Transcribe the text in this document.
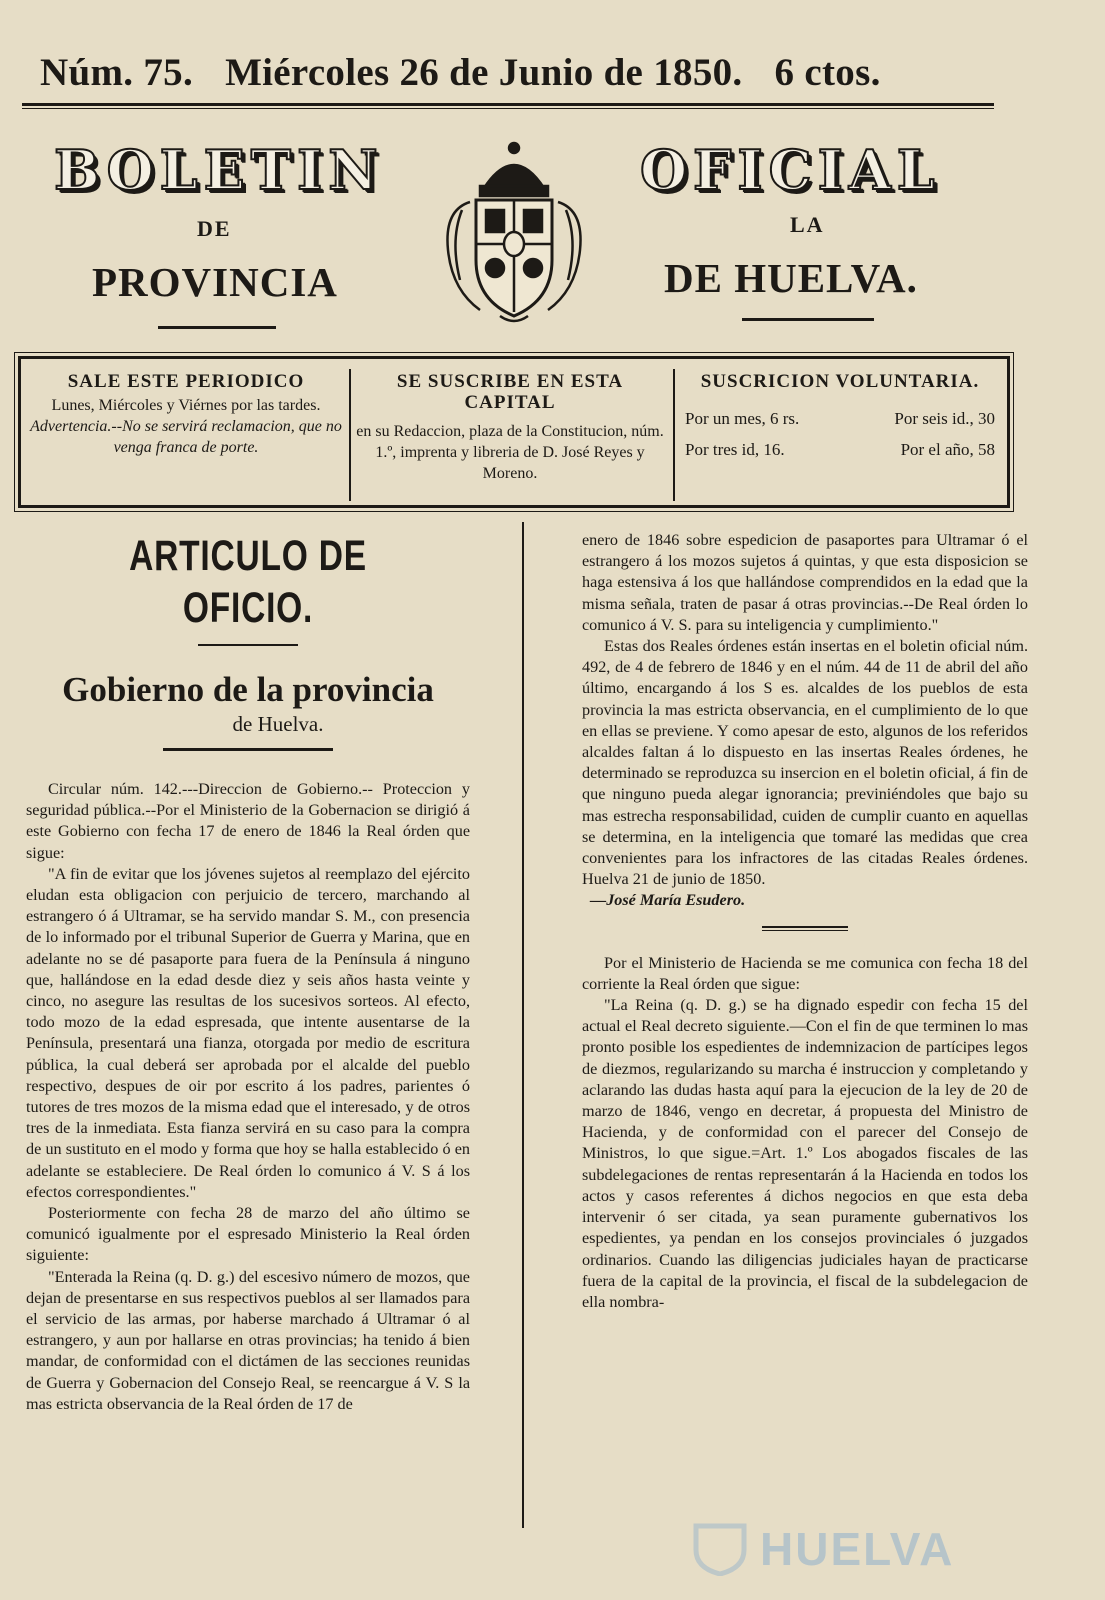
Núm. 75. Miércoles 26 de Junio de 1850. 6 ctos.
BOLETIN	OFICIAL
DE	LA
PROVINCIA	DE HUELVA.
SALE ESTE PERIODICO
Lunes, Miércoles y Viérnes por las tardes.
Advertencia.--No se servirá reclamacion, que no venga franca de porte.
SE SUSCRIBE EN ESTA CAPITAL
en su Redaccion, plaza de la Constitucion, núm. 1.º, imprenta y libreria de D. José Reyes y Moreno.
SUSCRICION VOLUNTARIA.
Por un mes, 6 rs.	Por seis id., 30
Por tres id, 16.	Por el año, 58
ARTICULO DE OFICIO.
Gobierno de la provincia
de Huelva.

Circular núm. 142.---Direccion de Gobierno.-- Proteccion y seguridad pública.--Por el Ministerio de la Gobernacion se dirigió á este Gobierno con fecha 17 de enero de 1846 la Real órden que sigue:

"A fin de evitar que los jóvenes sujetos al reemplazo del ejército eludan esta obligacion con perjuicio de tercero, marchando al estrangero ó á Ultramar, se ha servido mandar S. M., con presencia de lo informado por el tribunal Superior de Guerra y Marina, que en adelante no se dé pasaporte para fuera de la Península á ninguno que, hallándose en la edad desde diez y seis años hasta veinte y cinco, no asegure las resultas de los sucesivos sorteos. Al efecto, todo mozo de la edad espresada, que intente ausentarse de la Península, presentará una fianza, otorgada por medio de escritura pública, la cual deberá ser aprobada por el alcalde del pueblo respectivo, despues de oir por escrito á los padres, parientes ó tutores de tres mozos de la misma edad que el interesado, y de otros tres de la inmediata. Esta fianza servirá en su caso para la compra de un sustituto en el modo y forma que hoy se halla establecido ó en adelante se estableciere. De Real órden lo comunico á V. S á los efectos correspondientes."

Posteriormente con fecha 28 de marzo del año último se comunicó igualmente por el espresado Ministerio la Real órden siguiente:

"Enterada la Reina (q. D. g.) del escesivo número de mozos, que dejan de presentarse en sus respectivos pueblos al ser llamados para el servicio de las armas, por haberse marchado á Ultramar ó al estrangero, y aun por hallarse en otras provincias; ha tenido á bien mandar, de conformidad con el dictámen de las secciones reunidas de Guerra y Gobernacion del Consejo Real, se reencargue á V. S la mas estricta observancia de la Real órden de 17 de

enero de 1846 sobre espedicion de pasaportes para Ultramar ó el estrangero á los mozos sujetos á quintas, y que esta disposicion se haga estensiva á los que hallándose comprendidos en la edad que la misma señala, traten de pasar á otras provincias.--De Real órden lo comunico á V. S. para su inteligencia y cumplimiento."

Estas dos Reales órdenes están insertas en el boletin oficial núm. 492, de 4 de febrero de 1846 y en el núm. 44 de 11 de abril del año último, encargando á los S es. alcaldes de los pueblos de esta provincia la mas estricta observancia, en el cumplimiento de lo que en ellas se previene. Y como apesar de esto, algunos de los referidos alcaldes faltan á lo dispuesto en las insertas Reales órdenes, he determinado se reproduzca su insercion en el boletin oficial, á fin de que ninguno pueda alegar ignorancia; previniéndoles que bajo su mas estrecha responsabilidad, cuiden de cumplir cuanto en aquellas se determina, en la inteligencia que tomaré las medidas que crea convenientes para los infractores de las citadas Reales órdenes. Huelva 21 de junio de 1850.

—José María Esudero.

Por el Ministerio de Hacienda se me comunica con fecha 18 del corriente la Real órden que sigue:

"La Reina (q. D. g.) se ha dignado espedir con fecha 15 del actual el Real decreto siguiente.—Con el fin de que terminen lo mas pronto posible los espedientes de indemnizacion de partícipes legos de diezmos, regularizando su marcha é instruccion y completando y aclarando las dudas hasta aquí para la ejecucion de la ley de 20 de marzo de 1846, vengo en decretar, á propuesta del Ministro de Hacienda, y de conformidad con el parecer del Consejo de Ministros, lo que sigue.=Art. 1.º Los abogados fiscales de las subdelegaciones de rentas representarán á la Hacienda en todos los actos y casos referentes á dichos negocios en que esta deba intervenir ó ser citada, ya sean puramente gubernativos los espedientes, ya pendan en los consejos provinciales ó juzgados ordinarios. Cuando las diligencias judiciales hayan de practicarse fuera de la capital de la provincia, el fiscal de la subdelegacion de ella nombra-

HUELVA
